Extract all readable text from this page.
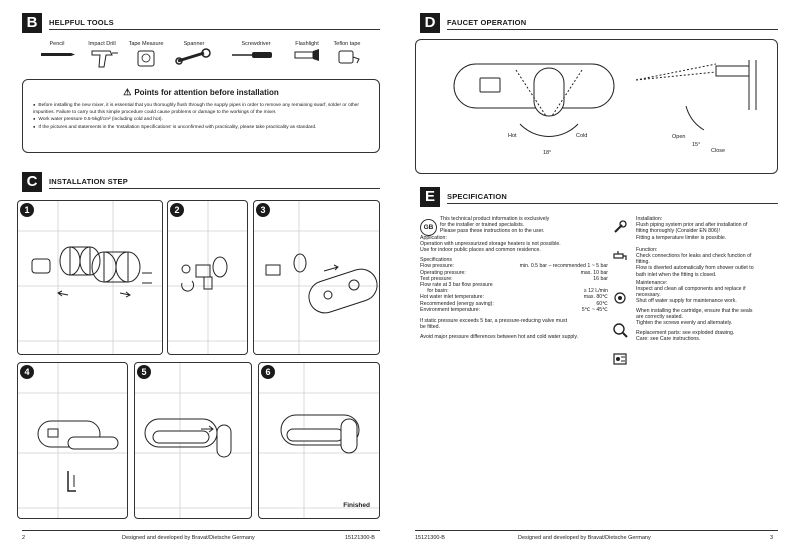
B	HELPFUL TOOLS
Pencil	Impact Drill	Tape Measure	Spanner	Screwdriver	Flashlight	Teflon tape
⚠ Points for attention before installation
● Before installing the new mixer, it is essential that you thoroughly flush through the supply pipes in order to remove any remaining swarf, solder or other impurities. Failure to carry out this simple procedure could cause problems or damage to the workings of the mixer.
● Work water pressure 0.5-5kgf/cm² (including cold and hot).
● If the pictures and statements in the 'Installation Specifications' is unconfirmed with practicality, please take practicality as standard.
C	INSTALLATION STEP
1	2	3
4	5	6
Finished
2	Designed and developed by Bravat/Dietsche Germany	15121300-B
D	FAUCET OPERATION
Hot	Cold
18°
Open
15°
Close
E	SPECIFICATION
GB

This technical product information is exclusively

for the installer or trained specialists.

Please pass these instructions on to the user.

Application:

Operation with unpressurized storage heaters is not possible.

Use for indoor public places and common residence.

Specifications

Flow pressure:	min. 0.5 bar – recommended 1 ~ 5 bar
Operating pressure:	max. 10 bar
Test pressure:	16 bar
Flow rate at 3 bar flow pressure
for basin:	≥ 12 L/min
Hot water inlet temperature:	max. 80℃
Recommended (energy saving):	60℃
Environment temperature:	5℃ ~ 45℃

If static pressure exceeds 5 bar, a pressure-reducing valve must

be fitted.

Avoid major pressure differences between hot and cold water supply.

Installation:

Flush piping system prior and after installation of

fitting thoroughly (Consider EN 806)!

Fitting a temperature limiter is possible.

Function:

Check connections for leaks and check function of

fitting.

Flow is diverted automatically from shower outlet to

bath inlet when the fitting is closed.

Maintenance:

Inspect and clean all components and replace if

necessary.

Shut off water supply for maintenance work.

When installing the cartridge, ensure that the seals

are correctly seated.

Tighten the screws evenly and alternately.

Replacement parts: see exploded drawing.

Care: see Care instructions.

15121300-B	Designed and developed by Bravat/Dietsche Germany	3
